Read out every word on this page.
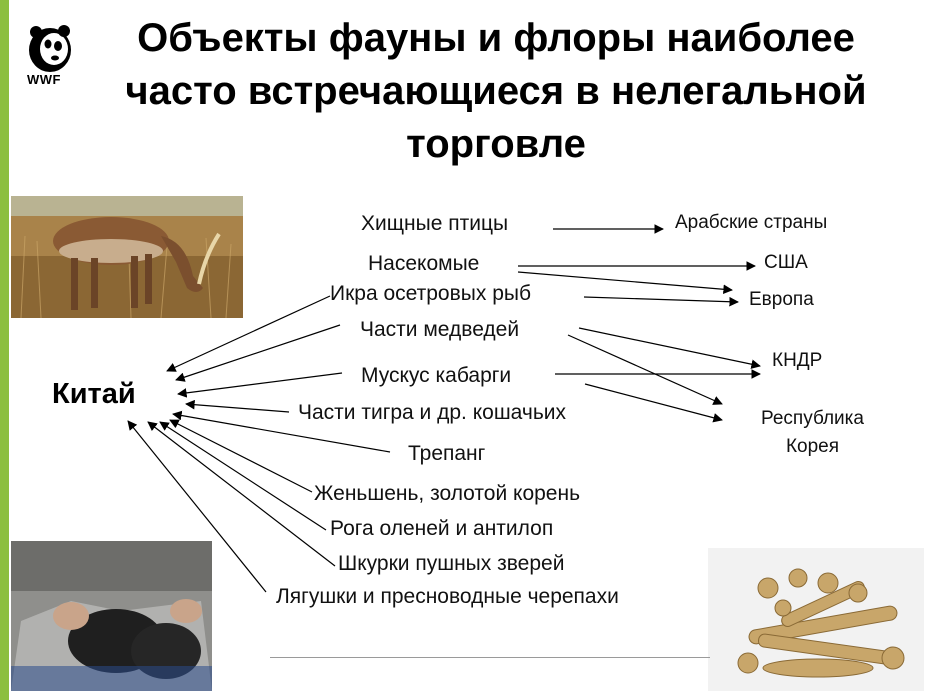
WWF
Объекты фауны и флоры наиболее часто встречающиеся в нелегальной торговле
Хищные птицы
Насекомые
Икра осетровых рыб
Части медведей
Мускус кабарги
Части тигра и др. кошачьих
Трепанг
Женьшень, золотой корень
Рога оленей и антилоп
Шкурки пушных зверей
Лягушки и пресноводные черепахи
Арабские страны
США
Европа
КНДР
Республика Корея
Китай
